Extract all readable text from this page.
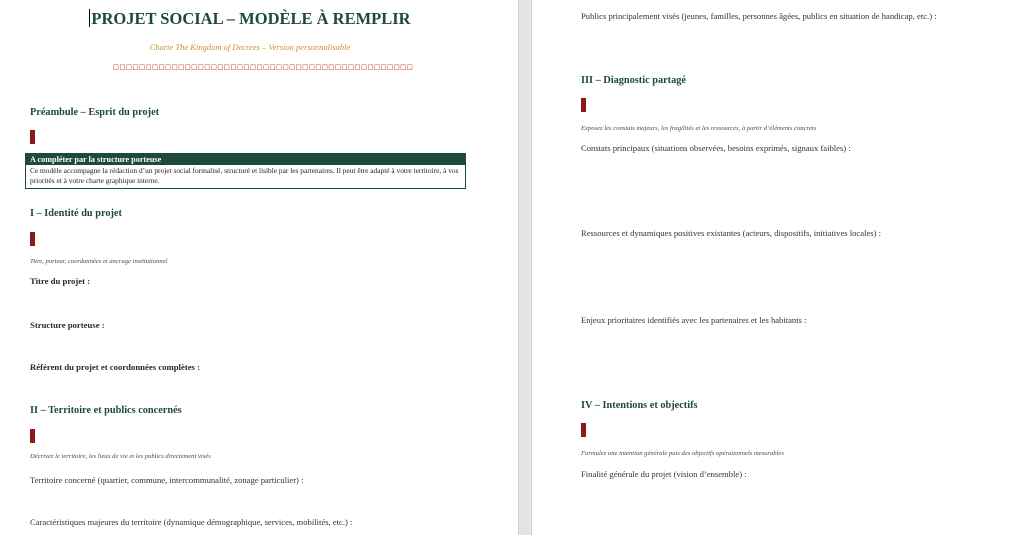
PROJET SOCIAL – MODÈLE À REMPLIR
Charte The Kingdom of Decrees – Version personnalisable
□□□□□□□□□□□□□□□□□□□□□□□□□□□□□□□□□□□□□□□□□□□□□□
Préambule – Esprit du projet
A compléter par la structure porteuse
Ce modèle accompagne la rédaction d’un projet social formalisé, structuré et lisible par les partenaires. Il peut être adapté à votre territoire, à vos priorités et à votre charte graphique interne.
I – Identité du projet
Titre, porteur, coordonnées et ancrage institutionnel
Titre du projet :
Structure porteuse :
Référent du projet et coordonnées complètes :
II – Territoire et publics concernés
Décrivez le territoire, les lieux de vie et les publics directement visés
Territoire concerné (quartier, commune, intercommunalité, zonage particulier) :
Caractéristiques majeures du territoire (dynamique démographique, services, mobilités, etc.) :
Publics principalement visés (jeunes, familles, personnes âgées, publics en situation de handicap, etc.) :
III – Diagnostic partagé
Exposez les constats majeurs, les fragilités et les ressources, à partir d’éléments concrets
Constats principaux (situations observées, besoins exprimés, signaux faibles) :
Ressources et dynamiques positives existantes (acteurs, dispositifs, initiatives locales) :
Enjeux prioritaires identifiés avec les partenaires et les habitants :
IV – Intentions et objectifs
Formulez une intention générale puis des objectifs opérationnels mesurables
Finalité générale du projet (vision d’ensemble) :
